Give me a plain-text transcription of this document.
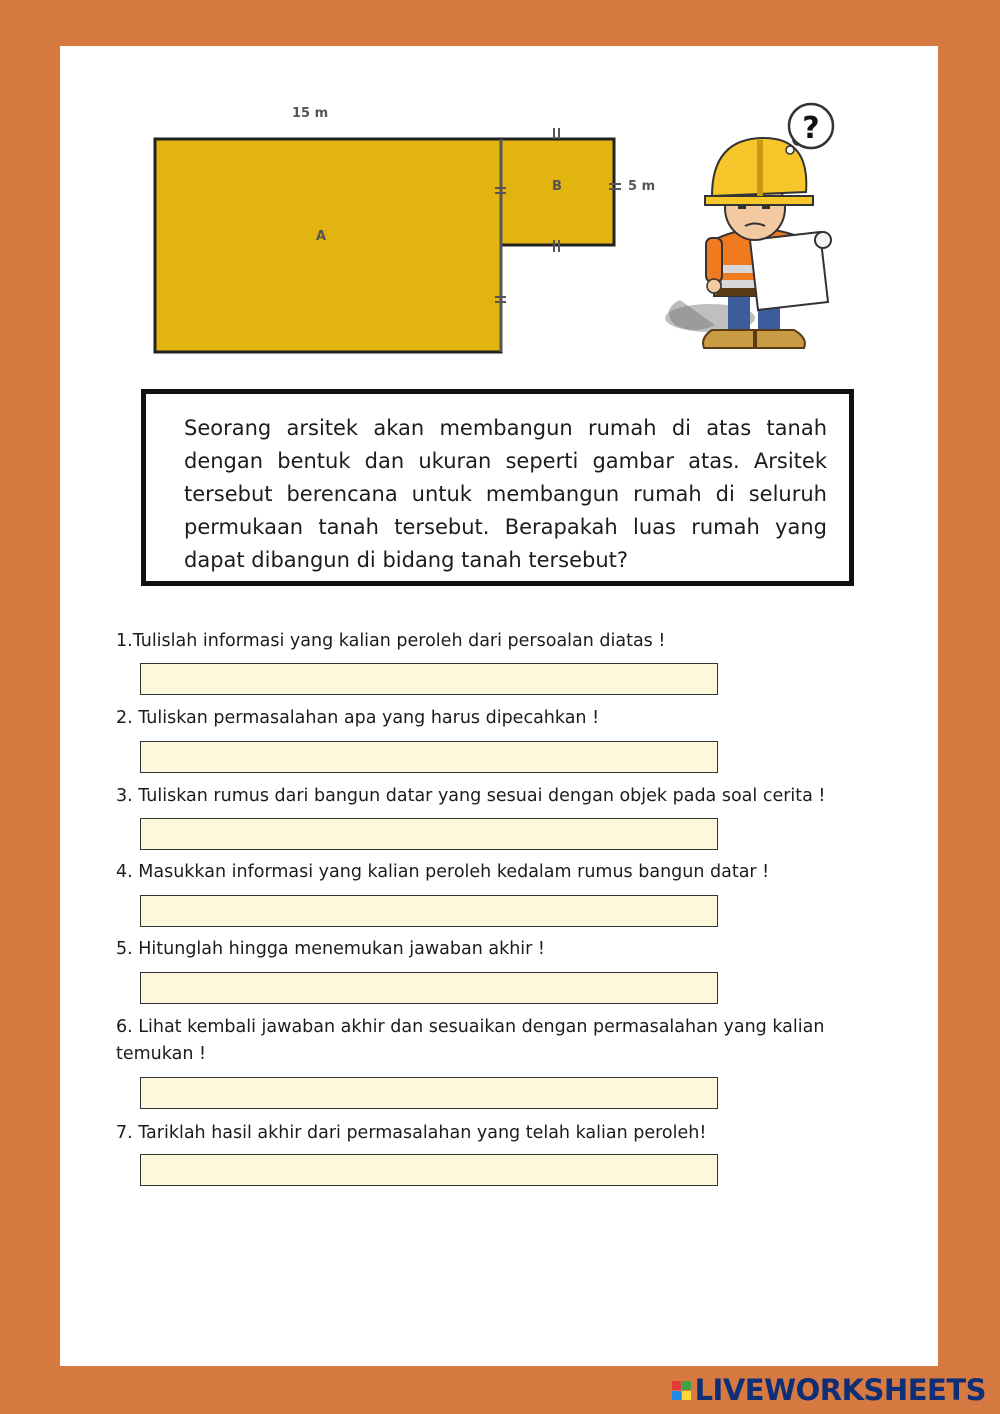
?
15 m
5 m
A
B
Seorang arsitek akan membangun rumah di atas tanah dengan bentuk dan ukuran seperti gambar atas. Arsitek tersebut berencana untuk membangun rumah di seluruh permukaan tanah tersebut. Berapakah luas rumah yang dapat dibangun di bidang tanah tersebut?
1.Tulislah informasi yang kalian peroleh dari persoalan diatas !
2. Tuliskan permasalahan apa yang harus dipecahkan !
3. Tuliskan rumus dari bangun datar yang sesuai dengan objek pada soal cerita !
4. Masukkan informasi yang kalian peroleh kedalam rumus bangun datar !
5. Hitunglah hingga menemukan jawaban akhir !
6. Lihat kembali jawaban akhir dan sesuaikan dengan permasalahan yang kalian temukan !
7. Tariklah hasil akhir dari permasalahan yang telah kalian peroleh!
LIVEWORKSHEETS
